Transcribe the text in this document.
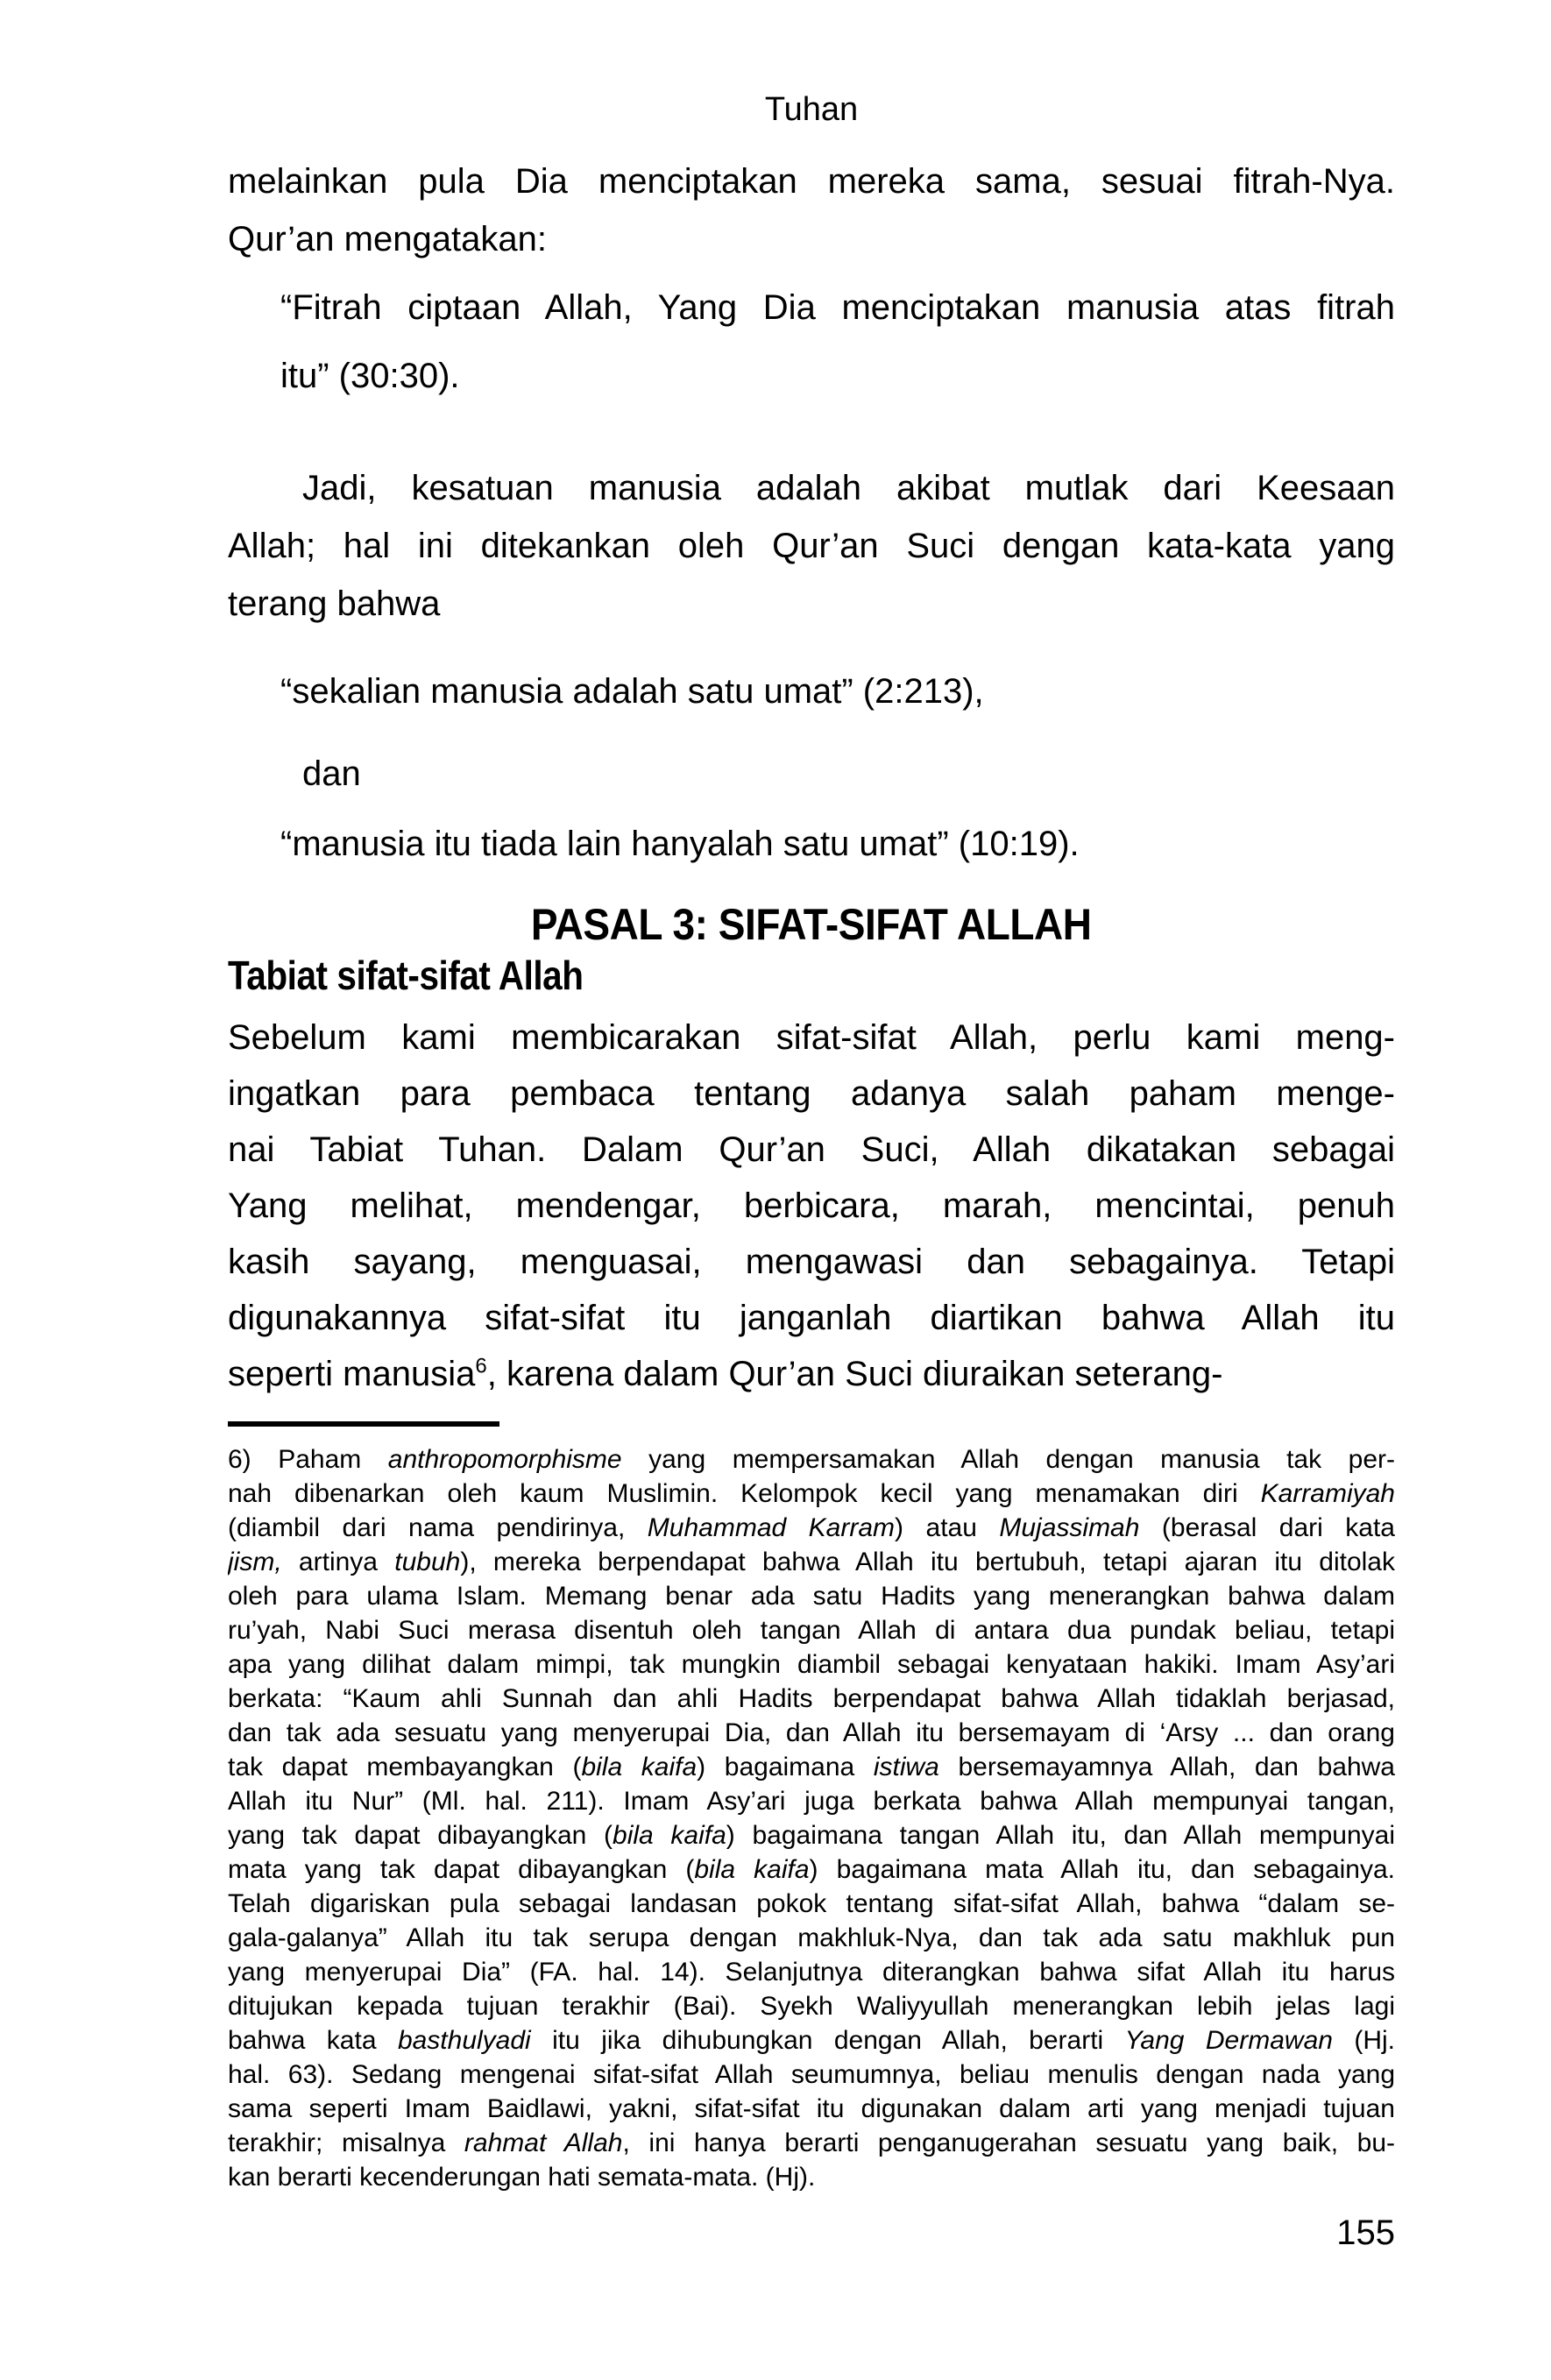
Tuhan
melainkan pula Dia menciptakan mereka sama, sesuai fitrah-Nya.
Qur’an mengatakan:
“Fitrah ciptaan Allah, Yang Dia menciptakan manusia atas fitrah
itu” (30:30).
Jadi, kesatuan manusia adalah akibat mutlak dari Keesaan
Allah; hal ini ditekankan oleh Qur’an Suci dengan kata-kata yang
terang bahwa
“sekalian manusia adalah satu umat” (2:213),
dan
“manusia itu tiada lain hanyalah satu umat” (10:19).
PASAL 3: SIFAT-SIFAT ALLAH
Tabiat sifat-sifat Allah
Sebelum kami membicarakan sifat-sifat Allah, perlu kami meng-
ingatkan para pembaca tentang adanya salah paham menge-
nai Tabiat Tuhan. Dalam Qur’an Suci, Allah dikatakan sebagai
Yang melihat, mendengar, berbicara, marah, mencintai, penuh
kasih sayang, menguasai, mengawasi dan sebagainya. Tetapi
digunakannya sifat-sifat itu janganlah diartikan bahwa Allah itu
seperti manusia$^6$, karena dalam Qur’an Suci diuraikan seterang-
6) Paham anthropomorphisme yang mempersamakan Allah dengan manusia tak per-
nah dibenarkan oleh kaum Muslimin. Kelompok kecil yang menamakan diri Karramiyah
(diambil dari nama pendirinya, Muhammad Karram) atau Mujassimah (berasal dari kata
jism, artinya tubuh), mereka berpendapat bahwa Allah itu bertubuh, tetapi ajaran itu ditolak
oleh para ulama Islam. Memang benar ada satu Hadits yang menerangkan bahwa dalam
ru’yah, Nabi Suci merasa disentuh oleh tangan Allah di antara dua pundak beliau, tetapi
apa yang dilihat dalam mimpi, tak mungkin diambil sebagai kenyataan hakiki. Imam Asy’ari
berkata: “Kaum ahli Sunnah dan ahli Hadits berpendapat bahwa Allah tidaklah berjasad,
dan tak ada sesuatu yang menyerupai Dia, dan Allah itu bersemayam di ‘Arsy ... dan orang
tak dapat membayangkan (bila kaifa) bagaimana istiwa bersemayamnya Allah, dan bahwa
Allah itu Nur” (Ml. hal. 211). Imam Asy’ari juga berkata bahwa Allah mempunyai tangan,
yang tak dapat dibayangkan (bila kaifa) bagaimana tangan Allah itu, dan Allah mempunyai
mata yang tak dapat dibayangkan (bila kaifa) bagaimana mata Allah itu, dan sebagainya.
Telah digariskan pula sebagai landasan pokok tentang sifat-sifat Allah, bahwa “dalam se-
gala-galanya” Allah itu tak serupa dengan makhluk-Nya, dan tak ada satu makhluk pun
yang menyerupai Dia” (FA. hal. 14). Selanjutnya diterangkan bahwa sifat Allah itu harus
ditujukan kepada tujuan terakhir (Bai). Syekh Waliyyullah menerangkan lebih jelas lagi
bahwa kata basthulyadi itu jika dihubungkan dengan Allah, berarti Yang Dermawan (Hj.
hal. 63). Sedang mengenai sifat-sifat Allah seumumnya, beliau menulis dengan nada yang
sama seperti Imam Baidlawi, yakni, sifat-sifat itu digunakan dalam arti yang menjadi tujuan
terakhir; misalnya rahmat Allah, ini hanya berarti penganugerahan sesuatu yang baik, bu-
kan berarti kecenderungan hati semata-mata. (Hj).
155
